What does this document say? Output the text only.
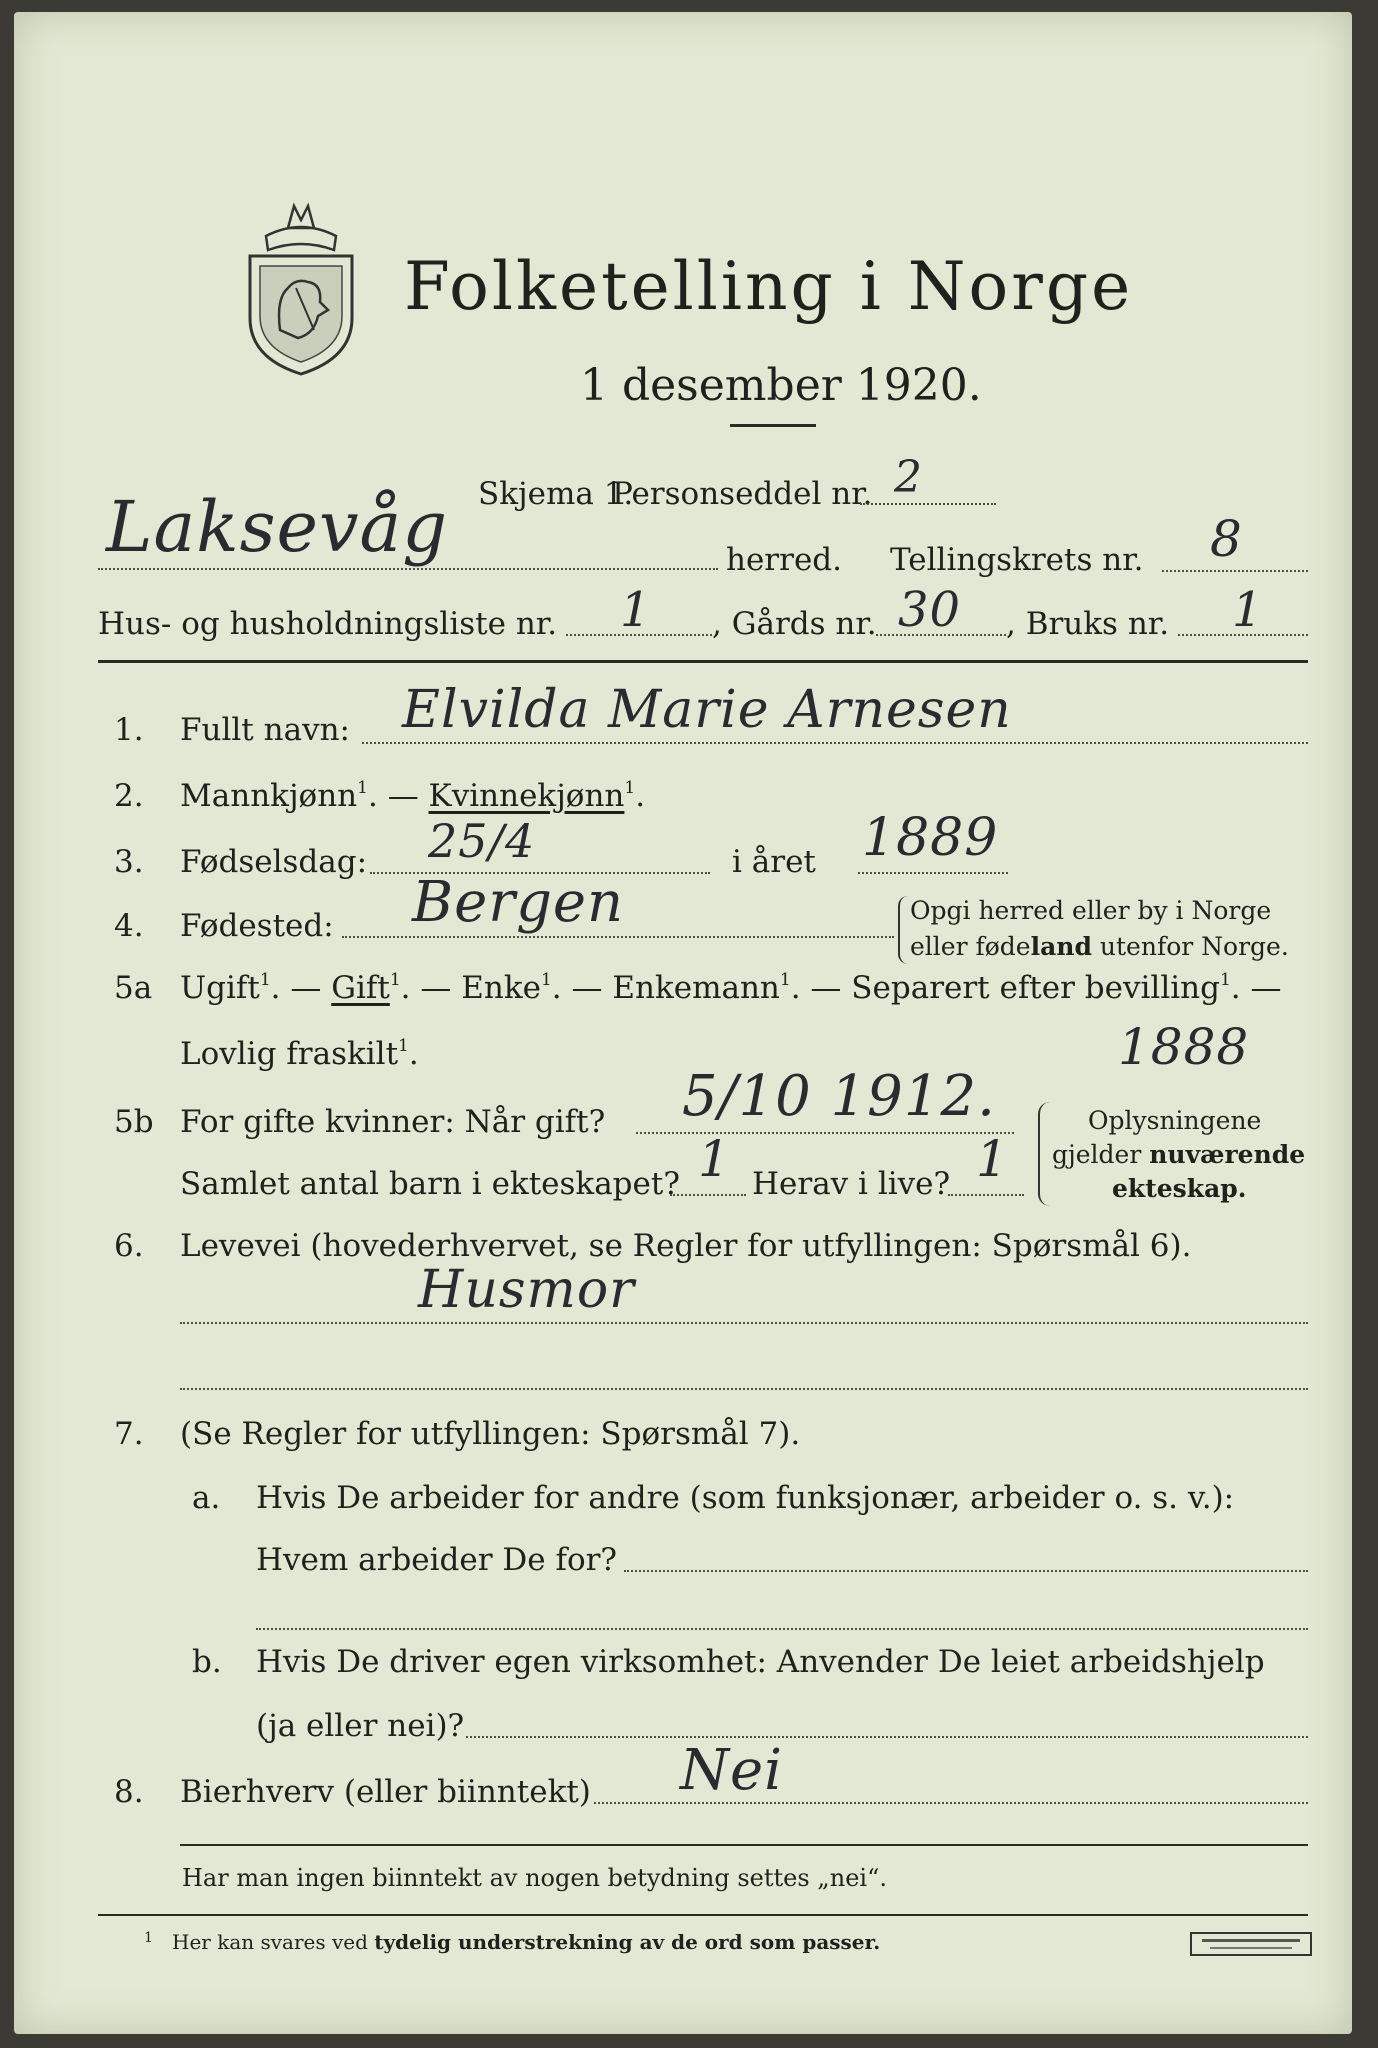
Folketelling i Norge
1 desember 1920.
Skjema 1.
Personseddel nr. 2
Laksevåg	herred. Tellingskrets nr. 8
Hus- og husholdningsliste nr. 1 , Gårds nr. 30 , Bruks nr. 1
1. Fullt navn: Elvilda Marie Arnesen
2. Mannkjønn$^1$. — Kvinnekjønn$^1$.
3. Fødselsdag: 25/4	i året 1889
4. Fødested: Bergen	Opgi herred eller by i Norge
eller fødeland utenfor Norge.
5a Ugift$^1$. — Gift$^1$. — Enke$^1$. — Enkemann$^1$. — Separert efter bevilling$^1$. —
Lovlig fraskilt$^1$.	1888
5b For gifte kvinner: Når gift? 5/10 1912.
Samlet antal barn i ekteskapet? 1 Herav i live? 1
Oplysningene
gjelder nuværende
ekteskap.
6. Levevei (hovederhvervet, se Regler for utfyllingen: Spørsmål 6).
Husmor
7. (Se Regler for utfyllingen: Spørsmål 7).
a. Hvis De arbeider for andre (som funksjonær, arbeider o. s. v.):
Hvem arbeider De for?
b. Hvis De driver egen virksomhet: Anvender De leiet arbeidshjelp
(ja eller nei)?
8. Bierhverv (eller biinntekt) Nei
Har man ingen biinntekt av nogen betydning settes „nei“.
$^1$ Her kan svares ved tydelig understrekning av de ord som passer.
